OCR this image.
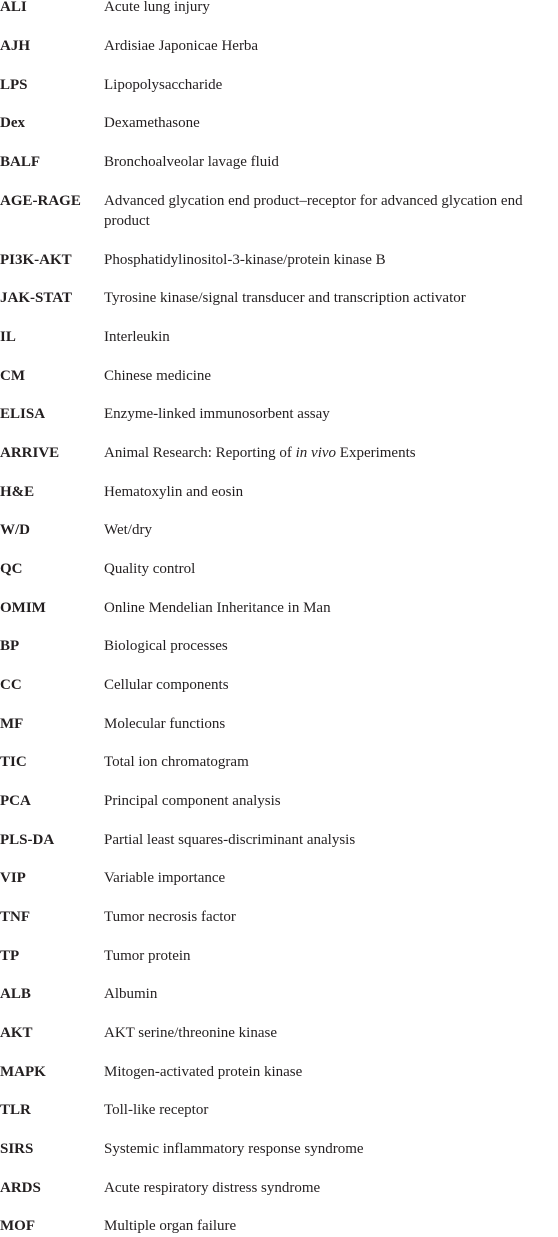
ALI	Acute lung injury
AJH	Ardisiae Japonicae Herba
LPS	Lipopolysaccharide
Dex	Dexamethasone
BALF	Bronchoalveolar lavage fluid
AGE-RAGE Advanced glycation end product–receptor for advanced glycation end product
PI3K-AKT Phosphatidylinositol-3-kinase/protein kinase B
JAK-STAT Tyrosine kinase/signal transducer and transcription activator
IL	Interleukin
CM	Chinese medicine
ELISA	Enzyme-linked immunosorbent assay
ARRIVE	Animal Research: Reporting of in vivo Experiments
H&E	Hematoxylin and eosin
W/D	Wet/dry
QC	Quality control
OMIM	Online Mendelian Inheritance in Man
BP	Biological processes
CC	Cellular components
MF	Molecular functions
TIC	Total ion chromatogram
PCA	Principal component analysis
PLS-DA	Partial least squares-discriminant analysis
VIP	Variable importance
TNF	Tumor necrosis factor
TP	Tumor protein
ALB	Albumin
AKT	AKT serine/threonine kinase
MAPK	Mitogen-activated protein kinase
TLR	Toll-like receptor
SIRS	Systemic inflammatory response syndrome
ARDS	Acute respiratory distress syndrome
MOF	Multiple organ failure
